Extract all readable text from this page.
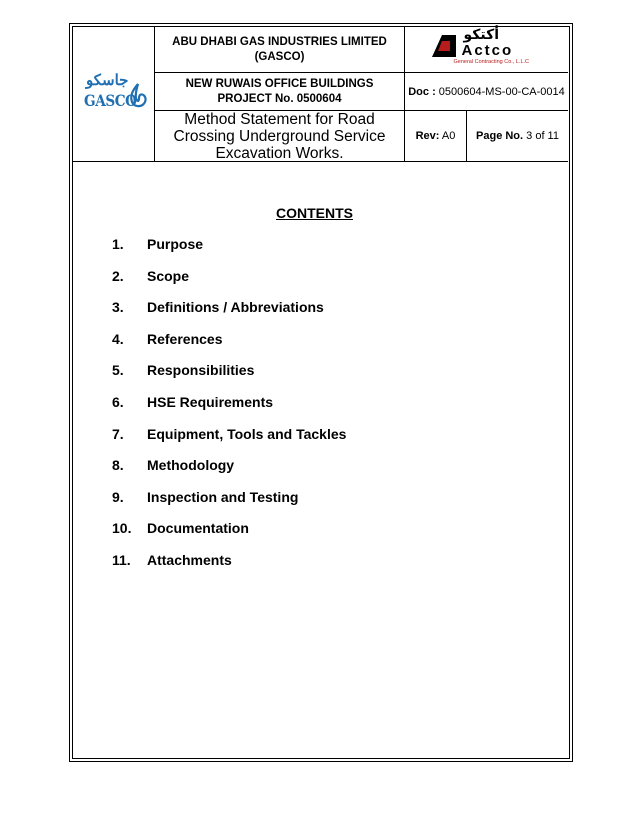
جاسكو
GASCO
ABU DHABI GAS INDUSTRIES LIMITED
(GASCO)
أكتكو
Actco
General Contracting Co., L.L.C
NEW RUWAIS OFFICE BUILDINGS
PROJECT No. 0500604
Doc : 0500604-MS-00-CA-0014
Method Statement for Road
Crossing Underground Service
Excavation Works.
Rev: A0 Page No. 3 of 11
CONTENTS
1. Purpose
2. Scope
3. Definitions / Abbreviations
4. References
5. Responsibilities
6. HSE Requirements
7. Equipment, Tools and Tackles
8. Methodology
9. Inspection and Testing
10. Documentation
11. Attachments
